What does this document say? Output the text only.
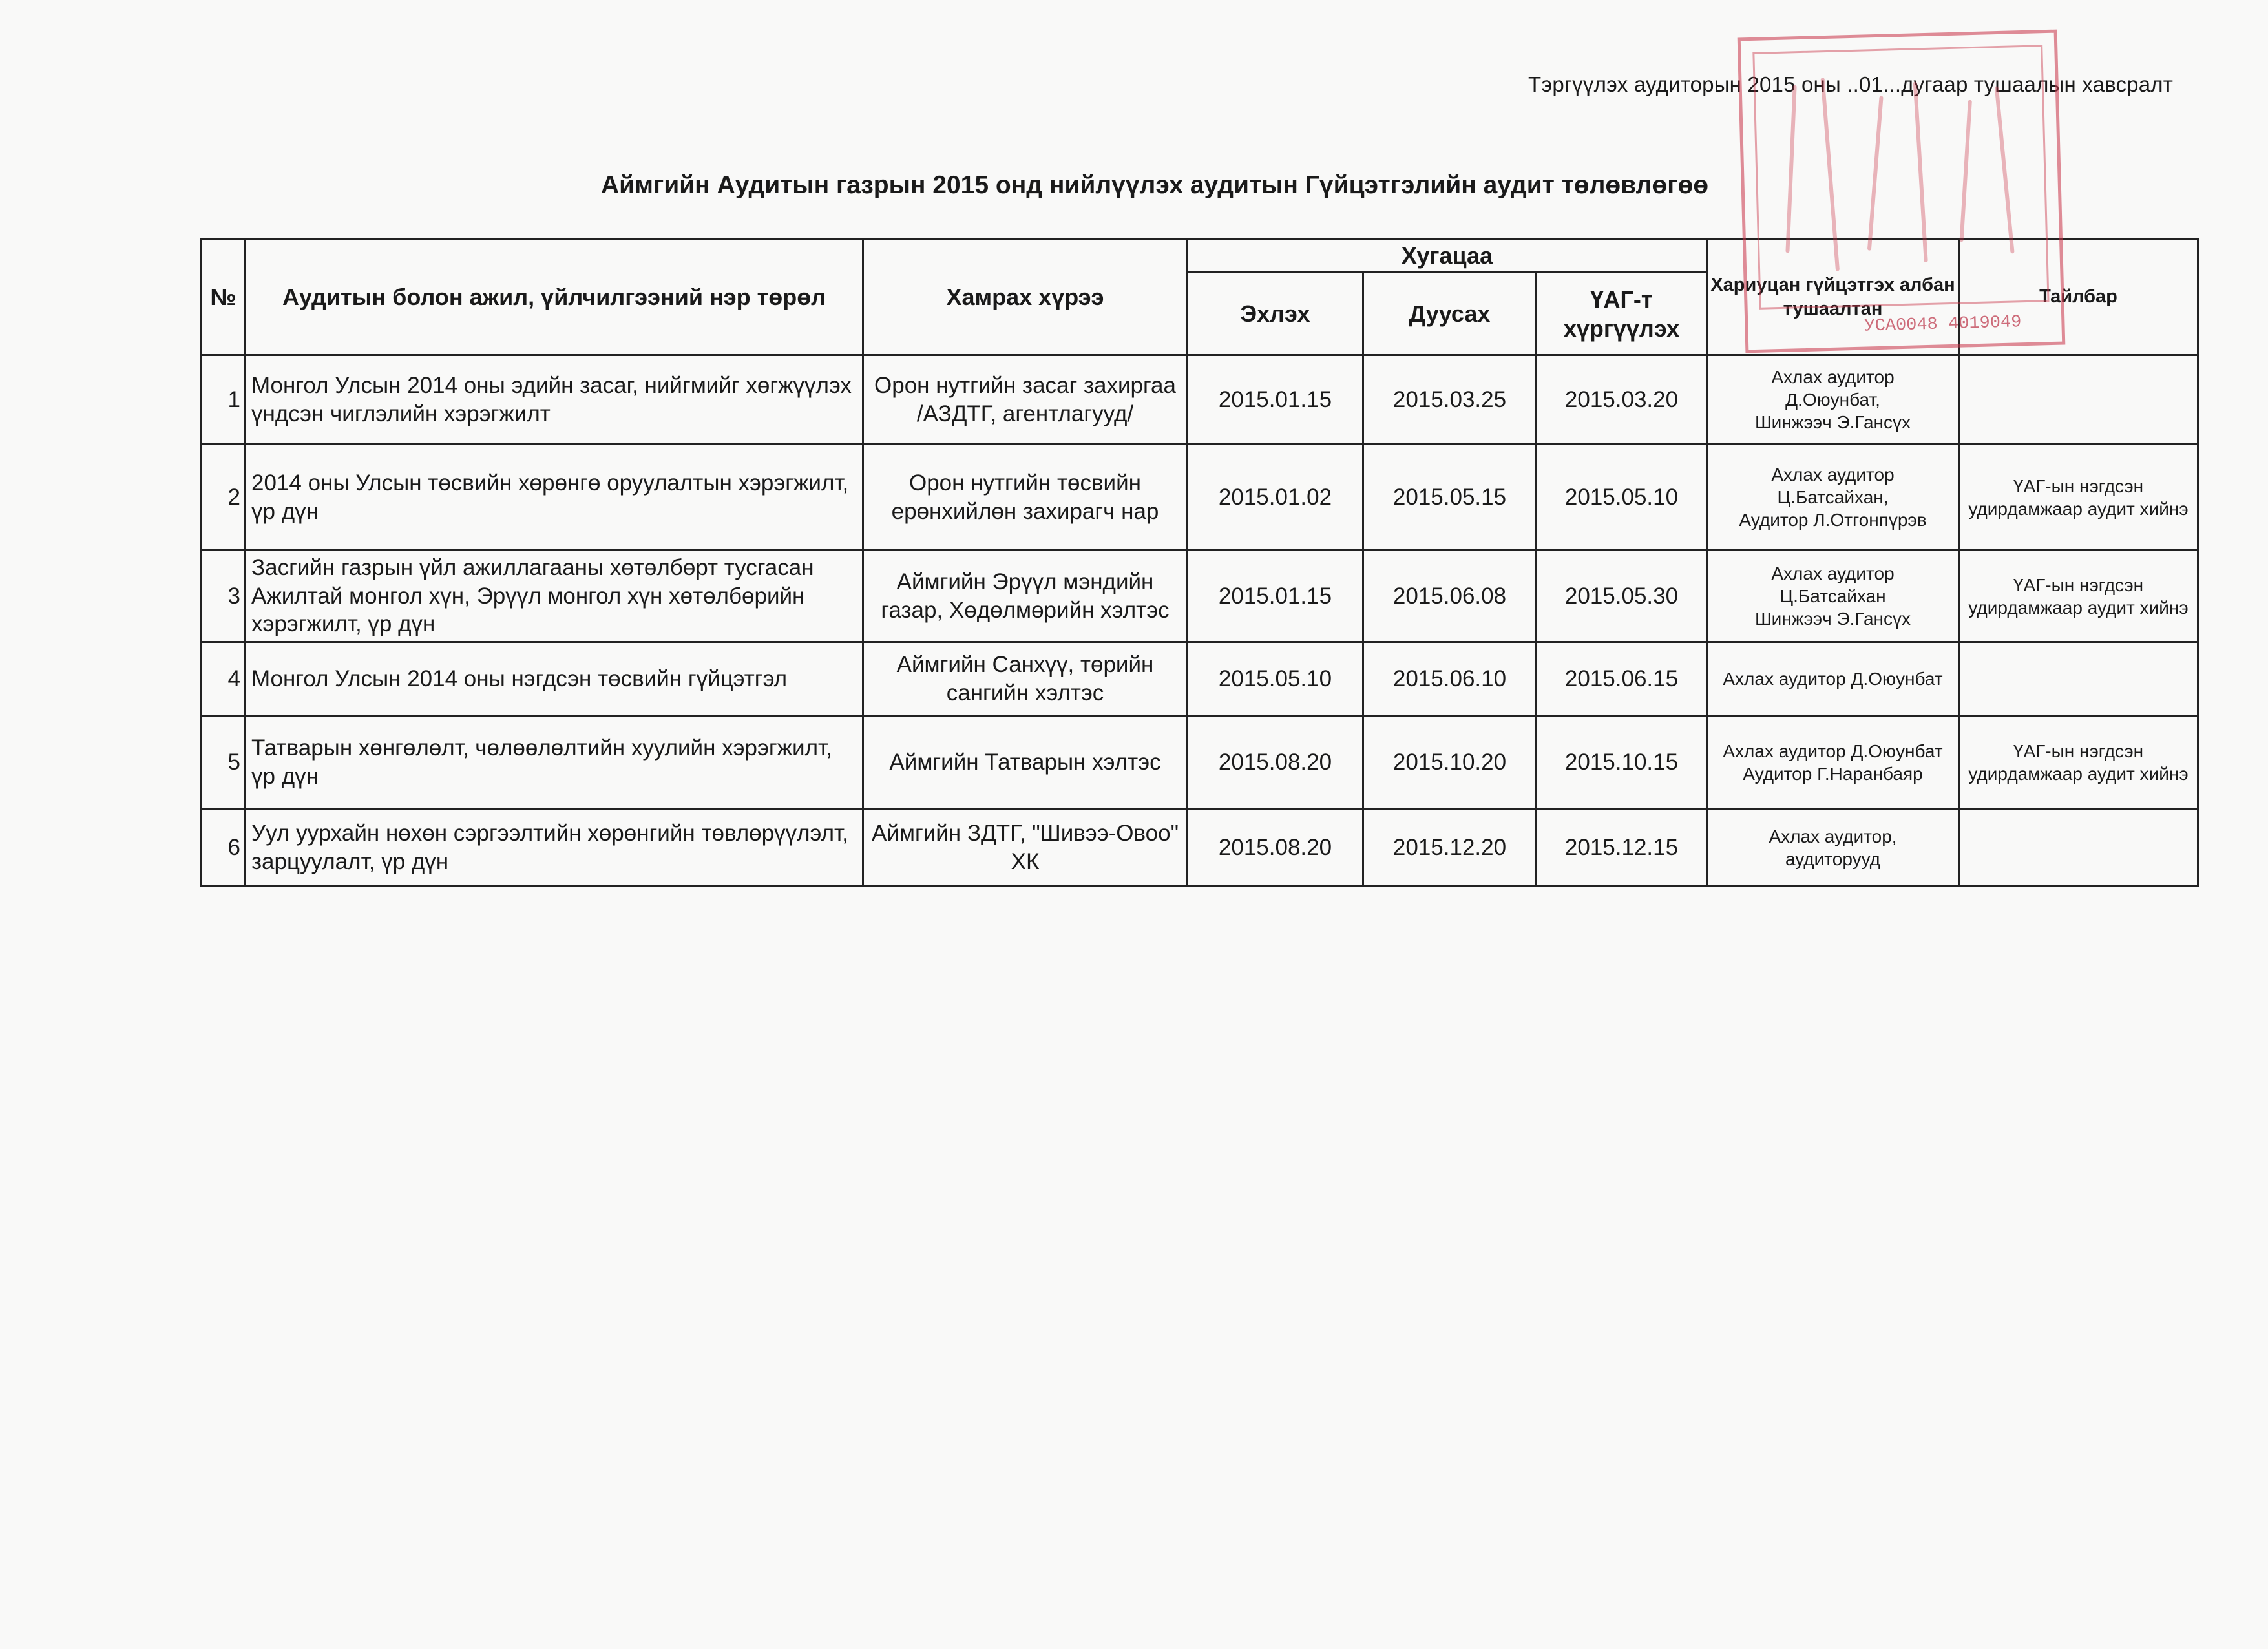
Тэргүүлэх аудиторын 2015 оны ..01...дугаар тушаалын хавсралт
Аймгийн Аудитын газрын 2015 онд нийлүүлэх аудитын Гүйцэтгэлийн аудит төлөвлөгөө
№	Аудитын болон ажил, үйлчилгээний нэр төрөл	Хамрах хүрээ	Хугацаа			Хариуцан гүйцэтгэх албан тушаалтан	Тайлбар
			Эхлэх	Дуусах	ҮАГ-т хүргүүлэх		
1	Монгол Улсын 2014 оны эдийн засаг, нийгмийг хөгжүүлэх үндсэн чиглэлийн хэрэгжилт	Орон нутгийн засаг захиргаа /АЗДТГ, агентлагууд/	2015.01.15	2015.03.25	2015.03.20	Ахлах аудитор
Д.Оюунбат,
Шинжээч Э.Гансүх	

2	2014 оны Улсын төсвийн хөрөнгө оруулалтын хэрэгжилт, үр дүн	Орон нутгийн төсвийн ерөнхийлөн захирагч нар	2015.01.02	2015.05.15	2015.05.10	Ахлах аудитор
Ц.Батсайхан,
Аудитор Л.Отгонпүрэв	ҮАГ-ын нэгдсэн удирдамжаар аудит хийнэ
3	Засгийн газрын үйл ажиллагааны хөтөлбөрт тусгасан Ажилтай монгол хүн, Эрүүл монгол хүн хөтөлбөрийн хэрэгжилт, үр дүн	Аймгийн Эрүүл мэндийн газар, Хөдөлмөрийн хэлтэс	2015.01.15	2015.06.08	2015.05.30	Ахлах аудитор
Ц.Батсайхан
Шинжээч Э.Гансүх	ҮАГ-ын нэгдсэн удирдамжаар аудит хийнэ
4	Монгол Улсын 2014 оны нэгдсэн төсвийн гүйцэтгэл	Аймгийн Санхүү, төрийн сангийн хэлтэс	2015.05.10	2015.06.10	2015.06.15	Ахлах аудитор Д.Оюунбат	

5	Татварын хөнгөлөлт, чөлөөлөлтийн хуулийн хэрэгжилт, үр дүн	Аймгийн Татварын хэлтэс	2015.08.20	2015.10.20	2015.10.15	Ахлах аудитор Д.Оюунбат
Аудитор Г.Наранбаяр	ҮАГ-ын нэгдсэн удирдамжаар аудит хийнэ
6	Уул уурхайн нөхөн сэргээлтийн хөрөнгийн төвлөрүүлэлт, зарцуулалт, үр дүн	Аймгийн ЗДТГ, "Шивээ-Овоо" ХК	2015.08.20	2015.12.20	2015.12.15	Ахлах аудитор,
аудиторууд	

УСА0048 4019049
